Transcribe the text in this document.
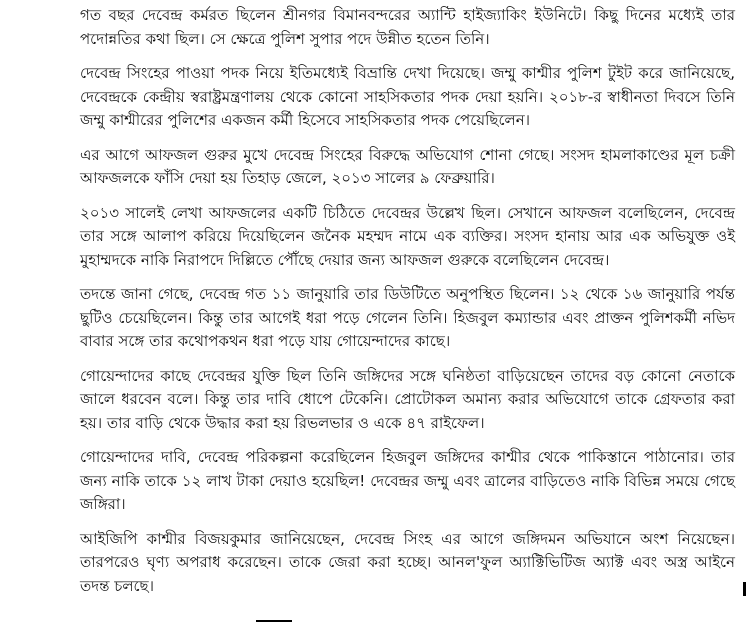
গত বছর দেবেন্দ্র কর্মরত ছিলেন শ্রীনগর বিমানবন্দরের অ্যান্টি হাইজ্যাকিং ইউনিটে। কিছু দিনের মধ্যেই তার পদোন্নতির কথা ছিল। সে ক্ষেত্রে পুলিশ সুপার পদে উন্নীত হতেন তিনি।

দেবেন্দ্র সিংহের পাওয়া পদক নিয়ে ইতিমধ্যেই বিভ্রান্তি দেখা দিয়েছে। জম্মু কাশ্মীর পুলিশ টুইট করে জানিয়েছে, দেবেন্দ্রকে কেন্দ্রীয় স্বরাষ্ট্রমন্ত্রণালয় থেকে কোনো সাহসিকতার পদক দেয়া হয়নি। ২০১৮-র স্বাধীনতা দিবসে তিনি জম্মু কাশ্মীরের পুলিশের একজন কর্মী হিসেবে সাহসিকতার পদক পেয়েছিলেন।

এর আগে আফজল গুরুর মুখে দেবেন্দ্র সিংহের বিরুদ্ধে অভিযোগ শোনা গেছে। সংসদ হামলাকাণ্ডের মূল চক্রী আফজলকে ফাঁসি দেয়া হয় তিহাড় জেলে, ২০১৩ সালের ৯ ফেব্রুয়ারি।

২০১৩ সালেই লেখা আফজলের একটি চিঠিতে দেবেন্দ্রর উল্লেখ ছিল। সেখানে আফজল বলেছিলেন, দেবেন্দ্র তার সঙ্গে আলাপ করিয়ে দিয়েছিলেন জনৈক মহম্মদ নামে এক ব্যক্তির। সংসদ হানায় আর এক অভিযুক্ত ওই মুহাম্মদকে নাকি নিরাপদে দিল্লিতে পৌঁছে দেয়ার জন্য আফজল গুরুকে বলেছিলেন দেবেন্দ্র।

তদন্তে জানা গেছে, দেবেন্দ্র গত ১১ জানুয়ারি তার ডিউটিতে অনুপস্থিত ছিলেন। ১২ থেকে ১৬ জানুয়ারি পর্যন্ত ছুটিও চেয়েছিলেন। কিন্তু তার আগেই ধরা পড়ে গেলেন তিনি। হিজবুল কম্যান্ডার এবং প্রাক্তন পুলিশকর্মী নভিদ বাবার সঙ্গে তার কথোপকথন ধরা পড়ে যায় গোয়েন্দাদের কাছে।

গোয়েন্দাদের কাছে দেবেন্দ্রর যুক্তি ছিল তিনি জঙ্গিদের সঙ্গে ঘনিষ্ঠতা বাড়িয়েছেন তাদের বড় কোনো নেতাকে জালে ধরবেন বলে। কিন্তু তার দাবি ধোপে টেকেনি। প্রোটোকল অমান্য করার অভিযোগে তাকে গ্রেফতার করা হয়। তার বাড়ি থেকে উদ্ধার করা হয় রিভলভার ও একে ৪৭ রাইফেল।

গোয়েন্দাদের দাবি, দেবেন্দ্র পরিকল্পনা করেছিলেন হিজবুল জঙ্গিদের কাশ্মীর থেকে পাকিস্তানে পাঠানোর। তার জন্য নাকি তাকে ১২ লাখ টাকা দেয়াও হয়েছিল! দেবেন্দ্রর জম্মু এবং ত্রালের বাড়িতেও নাকি বিভিন্ন সময়ে গেছে জঙ্গিরা।

আইজিপি কাশ্মীর বিজয়কুমার জানিয়েছেন, দেবেন্দ্র সিংহ এর আগে জঙ্গিদমন অভিযানে অংশ নিয়েছেন। তারপরেও ঘৃণ্য অপরাধ করেছেন। তাকে জেরা করা হচ্ছে। আনল'ফুল অ্যাক্টিভিটিজ অ্যাক্ট এবং অস্ত্র আইনে তদন্ত চলছে।
